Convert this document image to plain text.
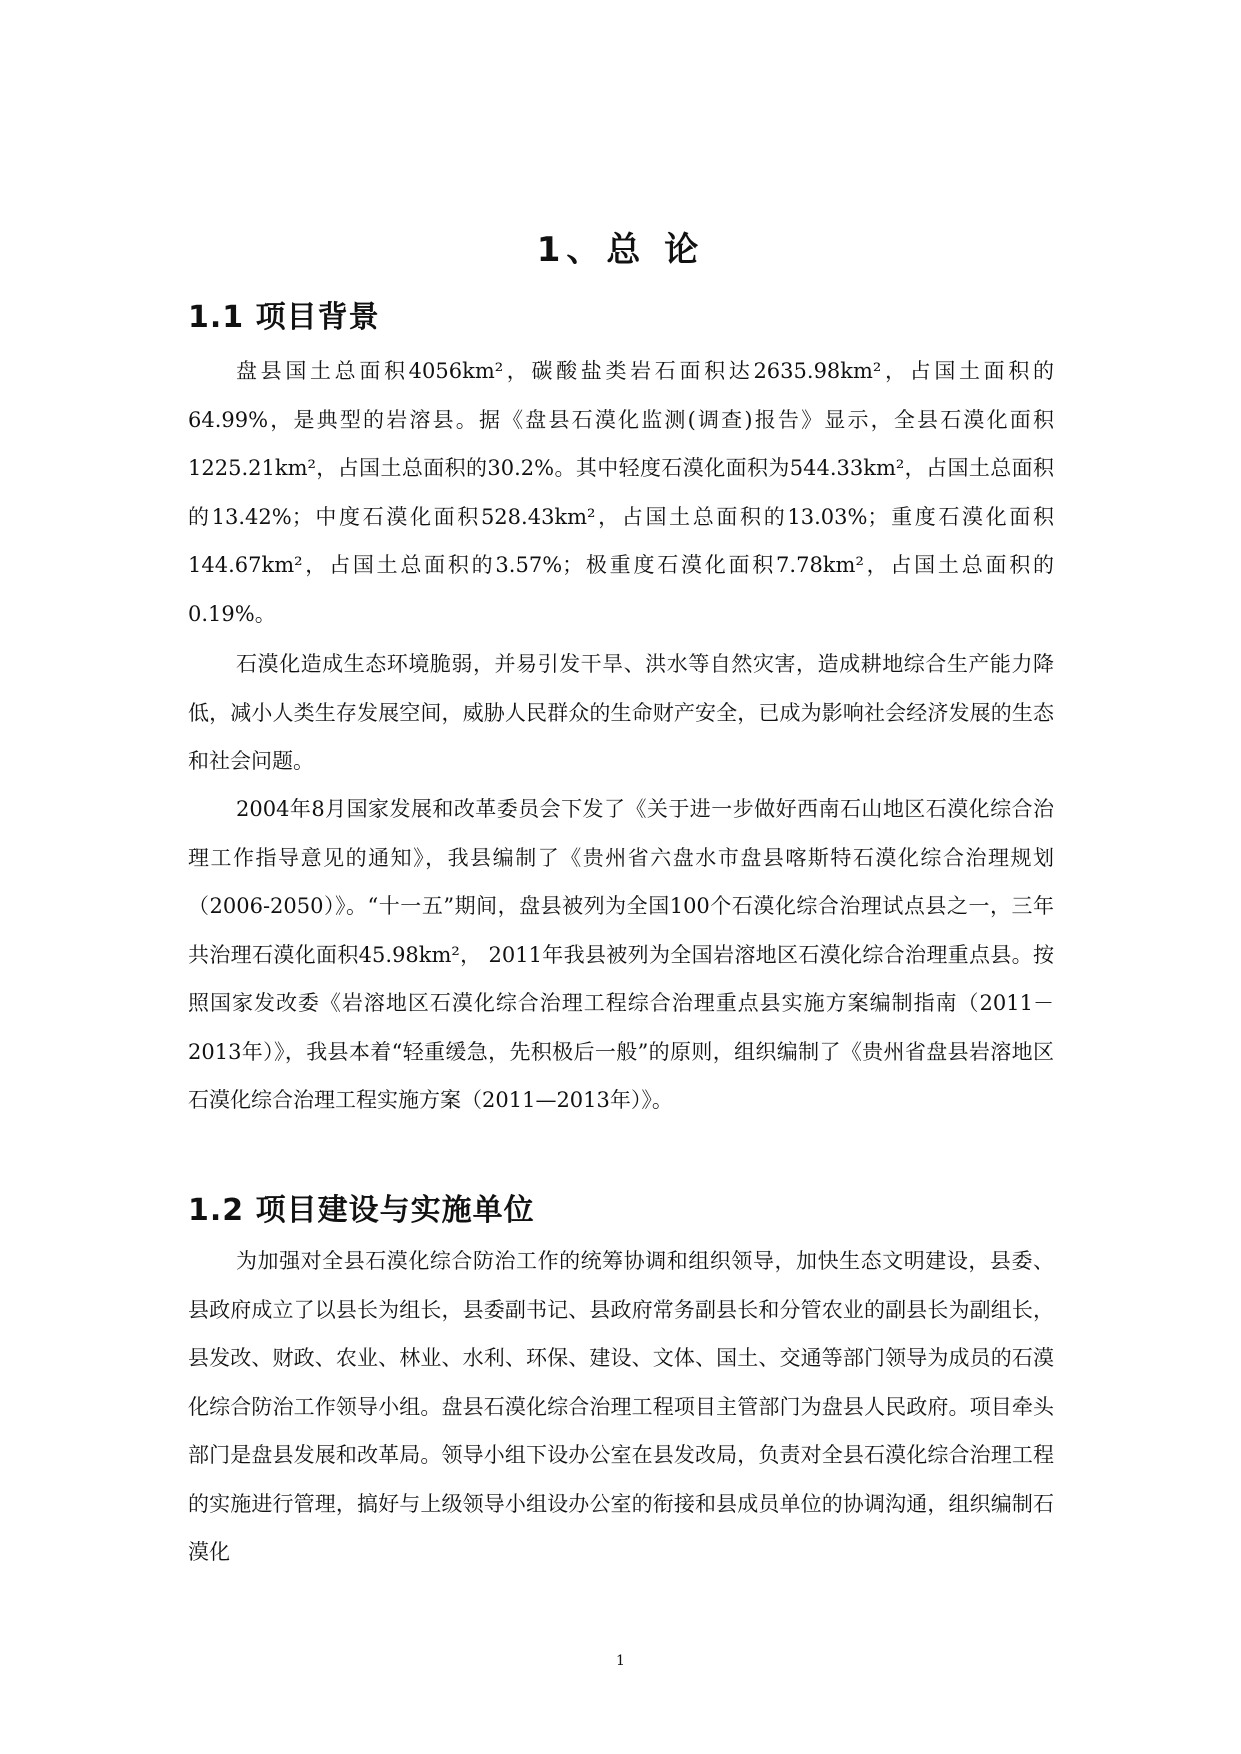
1、总 论
1.1 项目背景

盘县国土总面积4056km²，碳酸盐类岩石面积达2635.98km²，占国土面积的64.99%，是典型的岩溶县。据《盘县石漠化监测(调查)报告》显示，全县石漠化面积1225.21km²，占国土总面积的30.2%。其中轻度石漠化面积为544.33km²，占国土总面积的13.42%；中度石漠化面积528.43km²，占国土总面积的13.03%；重度石漠化面积144.67km²，占国土总面积的3.57%；极重度石漠化面积7.78km²，占国土总面积的0.19%。

石漠化造成生态环境脆弱，并易引发干旱、洪水等自然灾害，造成耕地综合生产能力降低，减小人类生存发展空间，威胁人民群众的生命财产安全，已成为影响社会经济发展的生态和社会问题。

2004年8月国家发展和改革委员会下发了《关于进一步做好西南石山地区石漠化综合治理工作指导意见的通知》，我县编制了《贵州省六盘水市盘县喀斯特石漠化综合治理规划（2006-2050）》。“十一五”期间，盘县被列为全国100个石漠化综合治理试点县之一，三年共治理石漠化面积45.98km²， 2011年我县被列为全国岩溶地区石漠化综合治理重点县。按照国家发改委《岩溶地区石漠化综合治理工程综合治理重点县实施方案编制指南（2011－2013年）》，我县本着“轻重缓急，先积极后一般”的原则，组织编制了《贵州省盘县岩溶地区石漠化综合治理工程实施方案（2011—2013年）》。

1.2 项目建设与实施单位

为加强对全县石漠化综合防治工作的统筹协调和组织领导，加快生态文明建设，县委、县政府成立了以县长为组长，县委副书记、县政府常务副县长和分管农业的副县长为副组长，县发改、财政、农业、林业、水利、环保、建设、文体、国土、交通等部门领导为成员的石漠化综合防治工作领导小组。盘县石漠化综合治理工程项目主管部门为盘县人民政府。项目牵头部门是盘县发展和改革局。领导小组下设办公室在县发改局，负责对全县石漠化综合治理工程的实施进行管理，搞好与上级领导小组设办公室的衔接和县成员单位的协调沟通，组织编制石漠化

1
